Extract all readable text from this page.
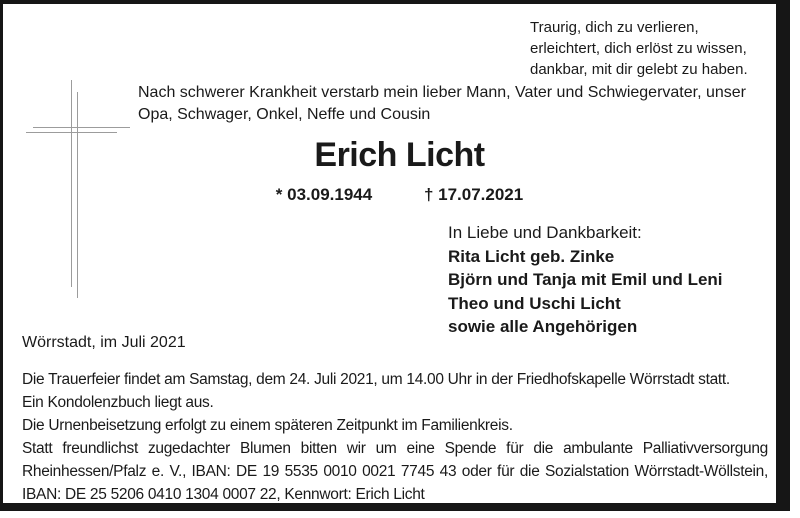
Traurig, dich zu verlieren,
erleichtert, dich erlöst zu wissen,
dankbar, mit dir gelebt zu haben.
Nach schwerer Krankheit verstarb mein lieber Mann, Vater und Schwiegervater, unser
Opa, Schwager, Onkel, Neffe und Cousin
Erich Licht
* 03.09.1944	† 17.07.2021
In Liebe und Dankbarkeit:
Rita Licht geb. Zinke
Björn und Tanja mit Emil und Leni
Theo und Uschi Licht
sowie alle Angehörigen
Wörrstadt, im Juli 2021
Die Trauerfeier findet am Samstag, dem 24. Juli 2021, um 14.00 Uhr in der Friedhofskapelle Wörrstadt statt.
Ein Kondolenzbuch liegt aus.
Die Urnenbeisetzung erfolgt zu einem späteren Zeitpunkt im Familienkreis.
Statt freundlichst zugedachter Blumen bitten wir um eine Spende für die ambulante Palliativversorgung
Rheinhessen/Pfalz e. V., IBAN: DE 19 5535 0010 0021 7745 43 oder für die Sozialstation Wörrstadt-Wöllstein,
IBAN: DE 25 5206 0410 1304 0007 22, Kennwort: Erich Licht
